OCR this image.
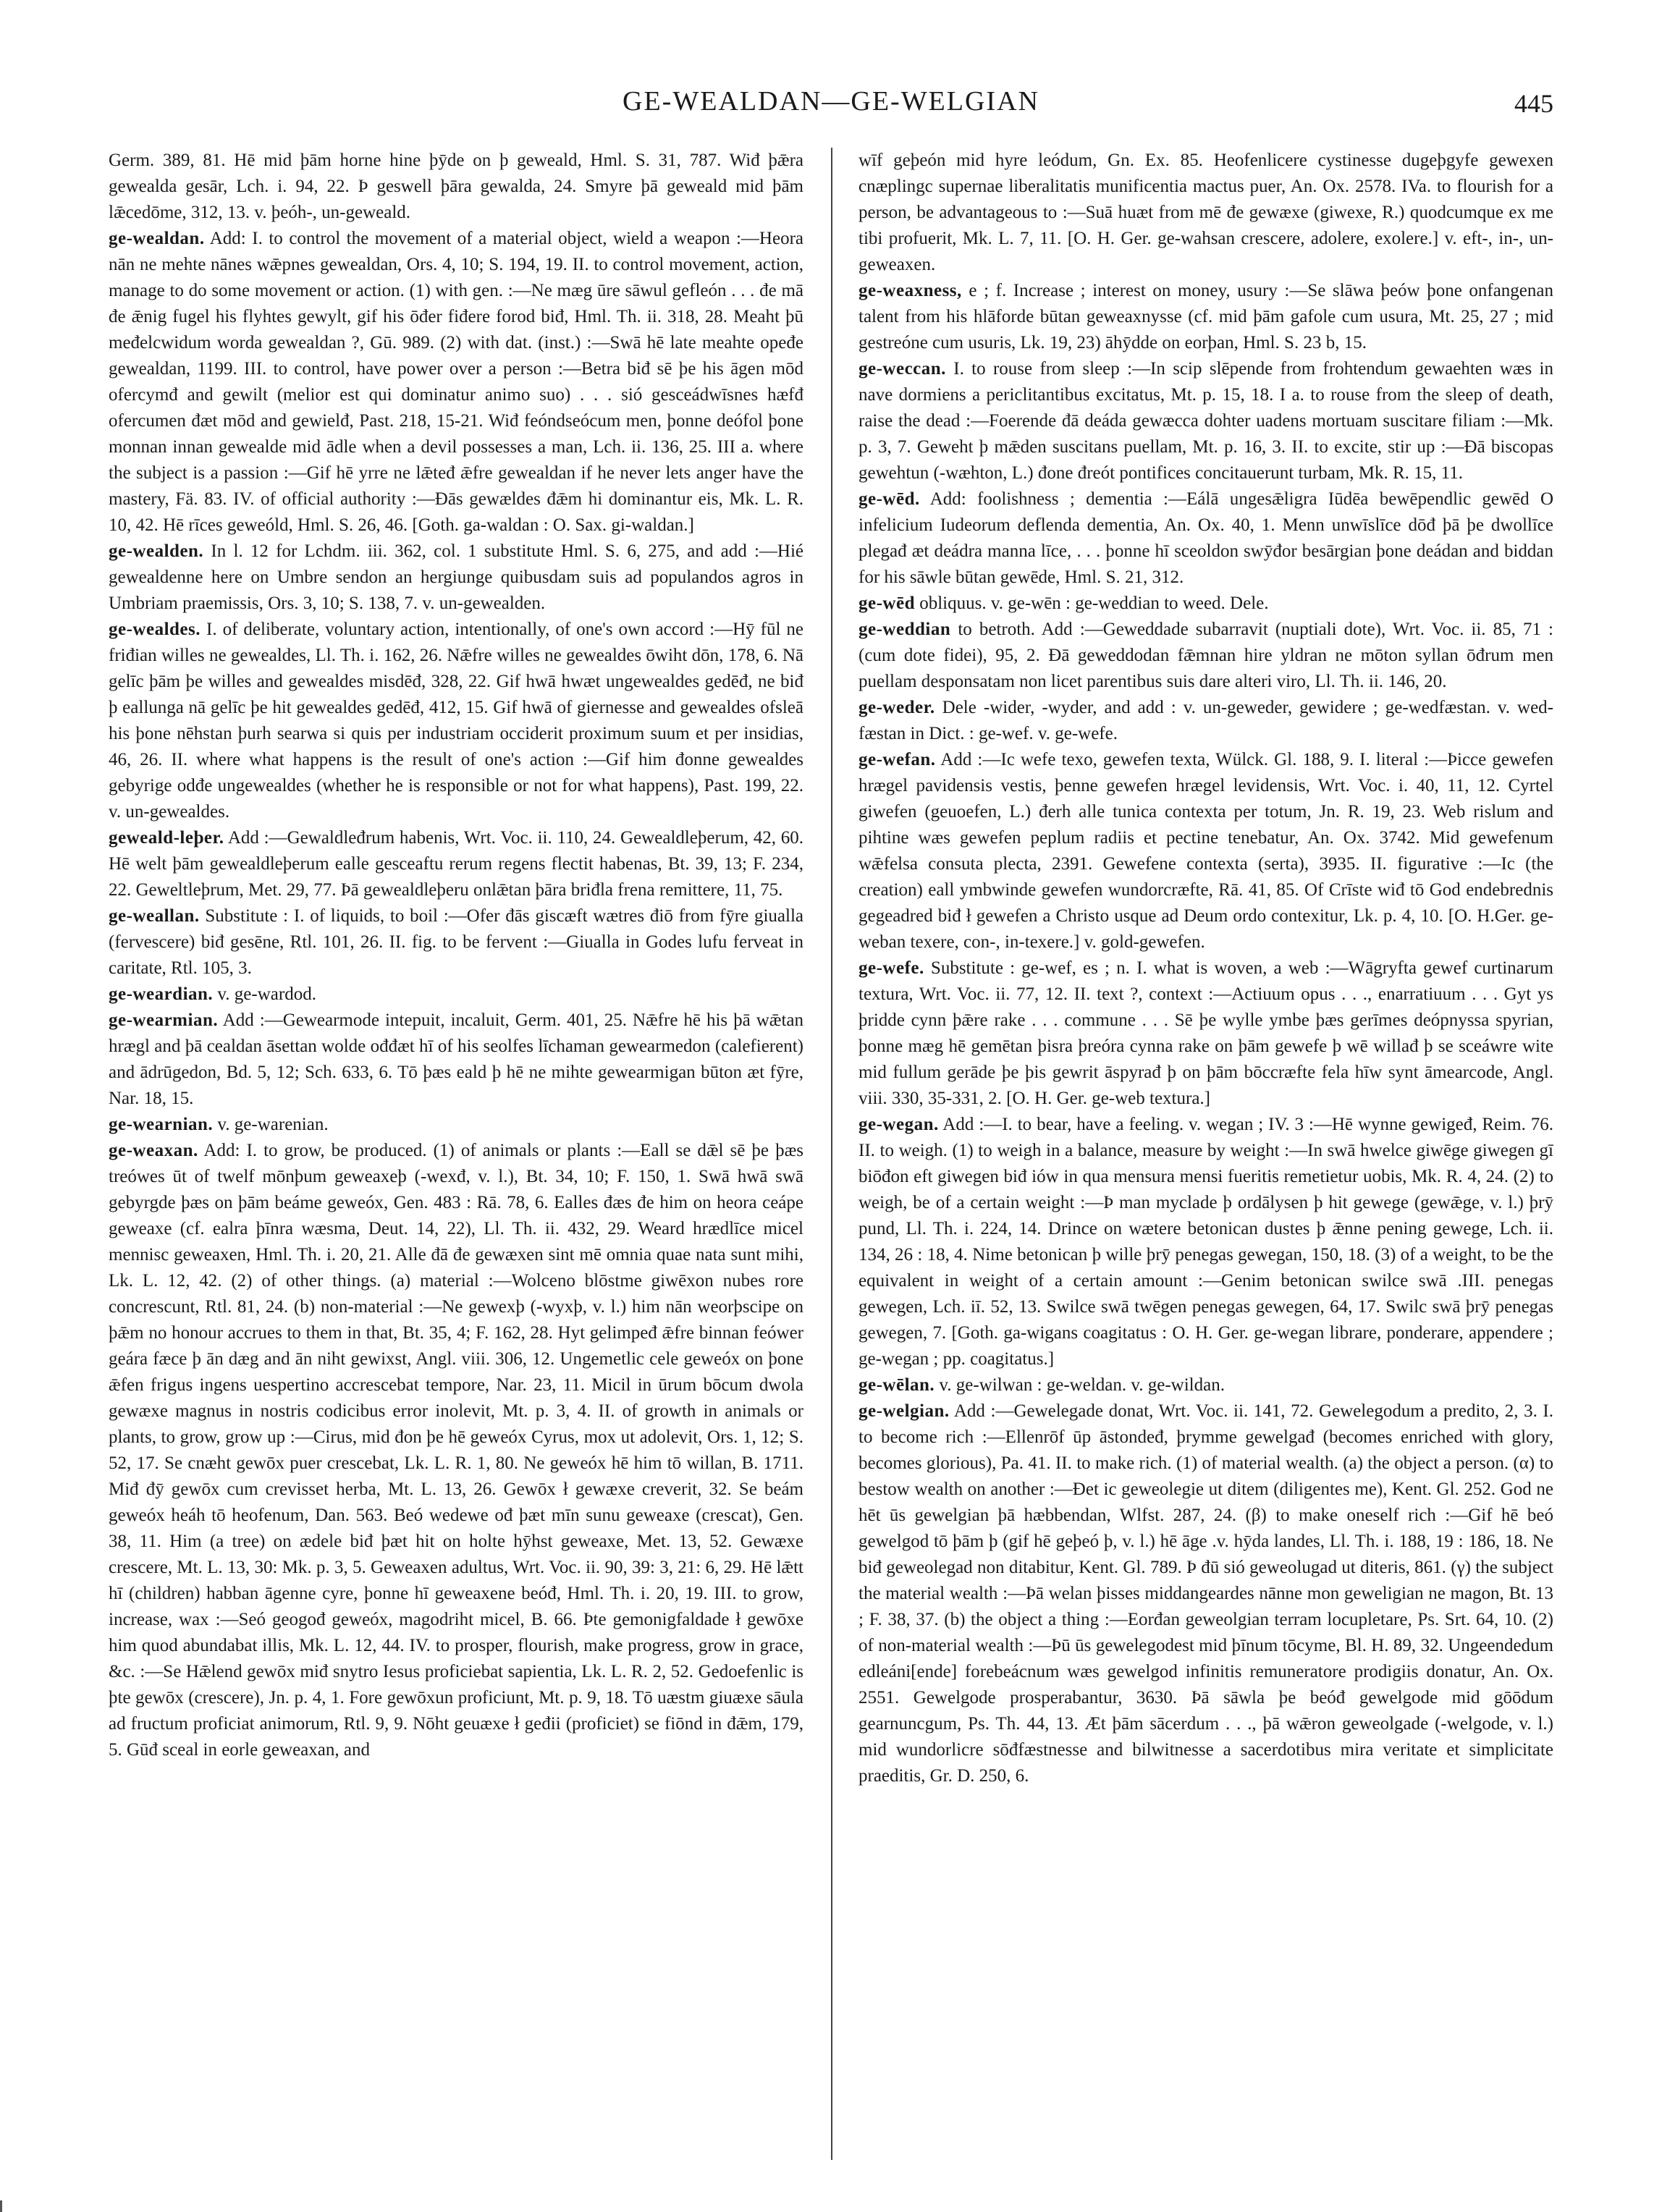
GE-WEALDAN—GE-WELGIAN	445

Germ. 389, 81. Hē mid þām horne hine þȳde on þ geweald, Hml. S. 31, 787. Wiđ þǣra gewealda gesār, Lch. i. 94, 22. Þ geswell þāra gewalda, 24. Smyre þā geweald mid þām lǣcedōme, 312, 13. v. þeóh-, un-geweald.

ge-wealdan. Add: I. to control the movement of a material object, wield a weapon :—Heora nān ne mehte nānes wǣpnes gewealdan, Ors. 4, 10; S. 194, 19. II. to control movement, action, manage to do some movement or action. (1) with gen. :—Ne mæg ūre sāwul gefleón . . . đe mā đe ǣnig fugel his flyhtes gewylt, gif his ōđer fiđere forod biđ, Hml. Th. ii. 318, 28. Meaht þū međelcwidum worda gewealdan ?, Gū. 989. (2) with dat. (inst.) :—Swā hē late meahte ореđе gewealdan, 1199. III. to control, have power over a person :—Betra biđ sē þe his āgen mōd ofercymđ and gewilt (melior est qui dominatur animo suo) . . . sió gesceádwīsnes hæfđ ofercumen đæt mōd and gewielđ, Past. 218, 15-21. Wiđ feóndseócum men, þonne deófol þone monnan innan gewealde mid ādle when a devil possesses a man, Lch. ii. 136, 25. III a. where the subject is a passion :—Gif hē yrre ne lǣteđ ǣfre gewealdan if he never lets anger have the mastery, Fä. 83. IV. of official authority :—Đās gewældes đǣm hi dominantur eis, Mk. L. R. 10, 42. Hē rīces geweóld, Hml. S. 26, 46. [Goth. ga-waldan : O. Sax. gi-waldan.]

ge-wealden. In l. 12 for Lchdm. iii. 362, col. 1 substitute Hml. S. 6, 275, and add :—Hié gewealdenne here on Umbre sendon an hergiunge quibusdam suis ad populandos agros in Umbriam praemissis, Ors. 3, 10; S. 138, 7. v. un-gewealden.

ge-wealdes. I. of deliberate, voluntary action, intentionally, of one's own accord :—Hȳ fūl ne friđian willes ne gewealdes, Ll. Th. i. 162, 26. Nǣfre willes ne gewealdes ōwiht dōn, 178, 6. Nā gelīc þām þe willes and gewealdes misdēđ, 328, 22. Gif hwā hwæt ungewealdes gedēđ, ne biđ þ eallunga nā gelīc þe hit gewealdes gedēđ, 412, 15. Gif hwā of giernesse and gewealdes ofsleā his þone nēhstan þurh searwa si quis per industriam occiderit proximum suum et per insidias, 46, 26. II. where what happens is the result of one's action :—Gif him đonne gewealdes gebyrige odđe ungewealdes (whether he is responsible or not for what happens), Past. 199, 22. v. un-gewealdes.

geweald-leþer. Add :—Gewaldleđrum habenis, Wrt. Voc. ii. 110, 24. Gewealdleþerum, 42, 60. Hē welt þām gewealdleþerum ealle gesceaftu rerum regens flectit habenas, Bt. 39, 13; F. 234, 22. Geweltleþrum, Met. 29, 77. Þā gewealdleþeru onlǣtan þāra briđla frena remittere, 11, 75.

ge-weallan. Substitute : I. of liquids, to boil :—Ofer đās giscæft wætres điō from fȳre giualla (fervescere) biđ gesēne, Rtl. 101, 26. II. fig. to be fervent :—Giualla in Godes lufu ferveat in caritate, Rtl. 105, 3.

ge-weardian. v. ge-wardod.

ge-wearmian. Add :—Gewearmode intepuit, incaluit, Germ. 401, 25. Nǣfre hē his þā wǣtan hrægl and þā cealdan āsettan wolde ođđæt hī of his seolfes līchaman gewearmedon (calefierent) and ādrūgedon, Bd. 5, 12; Sch. 633, 6. Tō þæs eald þ hē ne mihte gewearmigan būton æt fȳre, Nar. 18, 15.

ge-wearnian. v. ge-warenian.

ge-weaxan. Add: I. to grow, be produced. (1) of animals or plants :—Eall se dǣl sē þe þæs treówes ūt of twelf mōnþum geweaxeþ (-wexđ, v. l.), Bt. 34, 10; F. 150, 1. Swā hwā swā gebyrgde þæs on þām beáme geweóx, Gen. 483 : Rā. 78, 6. Ealles đæs đe him on heora ceápe geweaxe (cf. ealra þīnra wæsma, Deut. 14, 22), Ll. Th. ii. 432, 29. Weard hrædlīce micel mennisc geweaxen, Hml. Th. i. 20, 21. Alle đā đe gewæxen sint mē omnia quae nata sunt mihi, Lk. L. 12, 42. (2) of other things. (a) material :—Wolceno blōstme giwēxon nubes rore concrescunt, Rtl. 81, 24. (b) non-material :—Ne gewexþ (-wyxþ, v. l.) him nān weorþscipe on þǣm no honour accrues to them in that, Bt. 35, 4; F. 162, 28. Hyt gelimpeđ ǣfre binnan feówer geára fæce þ ān dæg and ān niht gewixst, Angl. viii. 306, 12. Ungemetlic cele geweóx on þone ǣfen frigus ingens uespertino accrescebat tempore, Nar. 23, 11. Micil in ūrum bōcum dwola gewæxe magnus in nostris codicibus error inolevit, Mt. p. 3, 4. II. of growth in animals or plants, to grow, grow up :—Cirus, mid đon þe hē geweóx Cyrus, mox ut adolevit, Ors. 1, 12; S. 52, 17. Se cnæht gewōx puer crescebat, Lk. L. R. 1, 80. Ne geweóx hē him tō willan, B. 1711. Miđ đȳ gewōx cum crevisset herba, Mt. L. 13, 26. Gewōx ł gewæxe creverit, 32. Se beám geweóx heáh tō heofenum, Dan. 563. Beó wedewe ođ þæt mīn sunu geweaxe (crescat), Gen. 38, 11. Him (a tree) on ædele biđ þæt hit on holte hȳhst geweaxe, Met. 13, 52. Gewæxe crescere, Mt. L. 13, 30: Mk. p. 3, 5. Geweaxen adultus, Wrt. Voc. ii. 90, 39: 3, 21: 6, 29. Hē lǣtt hī (children) habban āgenne cyre, þonne hī geweaxene beóđ, Hml. Th. i. 20, 19. III. to grow, increase, wax :—Seó geogođ geweóx, magodriht micel, B. 66. Þte gemonigfaldade ł gewōxe him quod abundabat illis, Mk. L. 12, 44. IV. to prosper, flourish, make progress, grow in grace, &c. :—Se Hǣlend gewōx miđ snytro Iesus proficiebat sapientia, Lk. L. R. 2, 52. Gedoefenlic is þte gewōx (crescere), Jn. p. 4, 1. Fore gewōxun proficiunt, Mt. p. 9, 18. Tō uæstm giuæxe sāula ad fructum proficiat animorum, Rtl. 9, 9. Nōht geuæxe ł geđii (proficiet) se fiōnd in đǣm, 179, 5. Gūđ sceal in eorle geweaxan, and

wīf geþeón mid hyre leódum, Gn. Ex. 85. Heofenlicere cystinesse dugeþgyfe gewexen cnæplingc supernae liberalitatis munificentia mactus puer, An. Ox. 2578. IVa. to flourish for a person, be advantageous to :—Suā huæt from mē đe gewæxe (giwexe, R.) quodcumque ex me tibi profuerit, Mk. L. 7, 11. [O. H. Ger. ge-wahsan crescere, adolere, exolere.] v. eft-, in-, un-geweaxen.

ge-weaxness, e ; f. Increase ; interest on money, usury :—Se slāwa þeów þone onfangenan talent from his hlāforde būtan geweaxnysse (cf. mid þām gafole cum usura, Mt. 25, 27 ; mid gestreóne cum usuris, Lk. 19, 23) āhȳdde on eorþan, Hml. S. 23 b, 15.

ge-weccan. I. to rouse from sleep :—In scip slēpende from frohtendum gewaehten wæs in nave dormiens a periclitantibus excitatus, Mt. p. 15, 18. I a. to rouse from the sleep of death, raise the dead :—Foerende đā deáda gewæcca dohter uadens mortuam suscitare filiam :—Mk. p. 3, 7. Geweht þ mǣden suscitans puellam, Mt. p. 16, 3. II. to excite, stir up :—Đā biscopas gewehtun (-wæhton, L.) đone đreót pontifices concitauerunt turbam, Mk. R. 15, 11.

ge-wēd. Add: foolishness ; dementia :—Eálā ungesǣligra Iūdēa bewēpendlic gewēd O infelicium Iudeorum deflenda dementia, An. Ox. 40, 1. Menn unwīslīce dōđ þā þe dwollīce plegađ æt deádra manna līce, . . . þonne hī sceoldon swȳđor besārgian þone deádan and biddan for his sāwle būtan gewēde, Hml. S. 21, 312.

ge-wēd obliquus. v. ge-wēn : ge-weddian to weed. Dele.

ge-weddian to betroth. Add :—Geweddade subarravit (nuptiali dote), Wrt. Voc. ii. 85, 71 : (cum dote fidei), 95, 2. Đā geweddodan fǣmnan hire yldran ne mōton syllan ōđrum men puellam desponsatam non licet parentibus suis dare alteri viro, Ll. Th. ii. 146, 20.

ge-weder. Dele -wider, -wyder, and add : v. un-geweder, gewidere ; ge-wedfæstan. v. wed-fæstan in Dict. : ge-wef. v. ge-wefe.

ge-wefan. Add :—Ic wefe texo, gewefen texta, Wülck. Gl. 188, 9. I. literal :—Þicce gewefen hrægel pavidensis vestis, þenne gewefen hrægel levidensis, Wrt. Voc. i. 40, 11, 12. Cyrtel giwefen (geuoefen, L.) đerh alle tunica contexta per totum, Jn. R. 19, 23. Web rislum and pihtine wæs gewefen peplum radiis et pectine tenebatur, An. Ox. 3742. Mid gewefenum wǣfelsa consuta plecta, 2391. Gewefene contexta (serta), 3935. II. figurative :—Ic (the creation) eall ymbwinde gewefen wundorcræfte, Rā. 41, 85. Of Crīste wiđ tō God endebrednis gegeadred biđ ł gewefen a Christo usque ad Deum ordo contexitur, Lk. p. 4, 10. [O. H.Ger. ge-weban texere, con-, in-texere.] v. gold-gewefen.

ge-wefe. Substitute : ge-wef, es ; n. I. what is woven, a web :—Wāgryfta gewef curtinarum textura, Wrt. Voc. ii. 77, 12. II. text ?, context :—Actiuum opus . . ., enarratiuum . . . Gyt ys þridde cynn þǣre rake . . . commune . . . Sē þe wylle ymbe þæs gerīmes deópnyssa spyrian, þonne mæg hē gemētan þisra þreóra cynna rake on þām gewefe þ wē willađ þ se sceáwre wite mid fullum gerāde þe þis gewrit āspyrađ þ on þām bōccræfte fela hīw synt āmearcode, Angl. viii. 330, 35-331, 2. [O. H. Ger. ge-web textura.]

ge-wegan. Add :—I. to bear, have a feeling. v. wegan ; IV. 3 :—Hē wynne gewigeđ, Reim. 76. II. to weigh. (1) to weigh in a balance, measure by weight :—In swā hwelce giwēge giwegen gī biōđon eft giwegen biđ iów in qua mensura mensi fueritis remetietur uobis, Mk. R. 4, 24. (2) to weigh, be of a certain weight :—Þ man myclade þ ordālysen þ hit gewege (gewǣge, v. l.) þrȳ pund, Ll. Th. i. 224, 14. Drince on wætere betonican dustes þ ǣnne pening gewege, Lch. ii. 134, 26 : 18, 4. Nime betonican þ wille þrȳ penegas gewegan, 150, 18. (3) of a weight, to be the equivalent in weight of a certain amount :—Genim betonican swilce swā .III. penegas gewegen, Lch. iī. 52, 13. Swilce swā twēgen penegas gewegen, 64, 17. Swilc swā þrȳ penegas gewegen, 7. [Goth. ga-wigans coagitatus : O. H. Ger. ge-wegan librare, ponderare, appendere ; ge-wegan ; pp. coagitatus.]

ge-wēlan. v. ge-wilwan : ge-weldan. v. ge-wildan.

ge-welgian. Add :—Gewelegade donat, Wrt. Voc. ii. 141, 72. Gewelegodum a predito, 2, 3. I. to become rich :—Ellenrōf ūp āstondeđ, þrymme gewelgađ (becomes enriched with glory, becomes glorious), Pa. 41. II. to make rich. (1) of material wealth. (a) the object a person. (α) to bestow wealth on another :—Đet ic geweolegie ut ditem (diligentes me), Kent. Gl. 252. God ne hēt ūs gewelgian þā hæbbendan, Wlfst. 287, 24. (β) to make oneself rich :—Gif hē beó gewelgod tō þām þ (gif hē geþeó þ, v. l.) hē āge .v. hȳda landes, Ll. Th. i. 188, 19 : 186, 18. Ne biđ geweolegad non ditabitur, Kent. Gl. 789. Þ đū sió geweolugad ut diteris, 861. (γ) the subject the material wealth :—Þā welan þisses middangeardes nānne mon geweligian ne magon, Bt. 13 ; F. 38, 37. (b) the object a thing :—Eorđan geweolgian terram locupletare, Ps. Srt. 64, 10. (2) of non-material wealth :—Þū ūs gewelegodest mid þīnum tōcyme, Bl. H. 89, 32. Ungeendedum edleáni[ende] forebeácnum wæs gewelgod infinitis remuneratore prodigiis donatur, An. Ox. 2551. Gewelgode prosperabantur, 3630. Þā sāwla þe beóđ gewelgode mid gōōdum gearnuncgum, Ps. Th. 44, 13. Æt þām sācerdum . . ., þā wǣron geweolgade (-welgode, v. l.) mid wundorlicre sōđfæstnesse and bilwitnesse a sacerdotibus mira veritate et simplicitate praeditis, Gr. D. 250, 6.
